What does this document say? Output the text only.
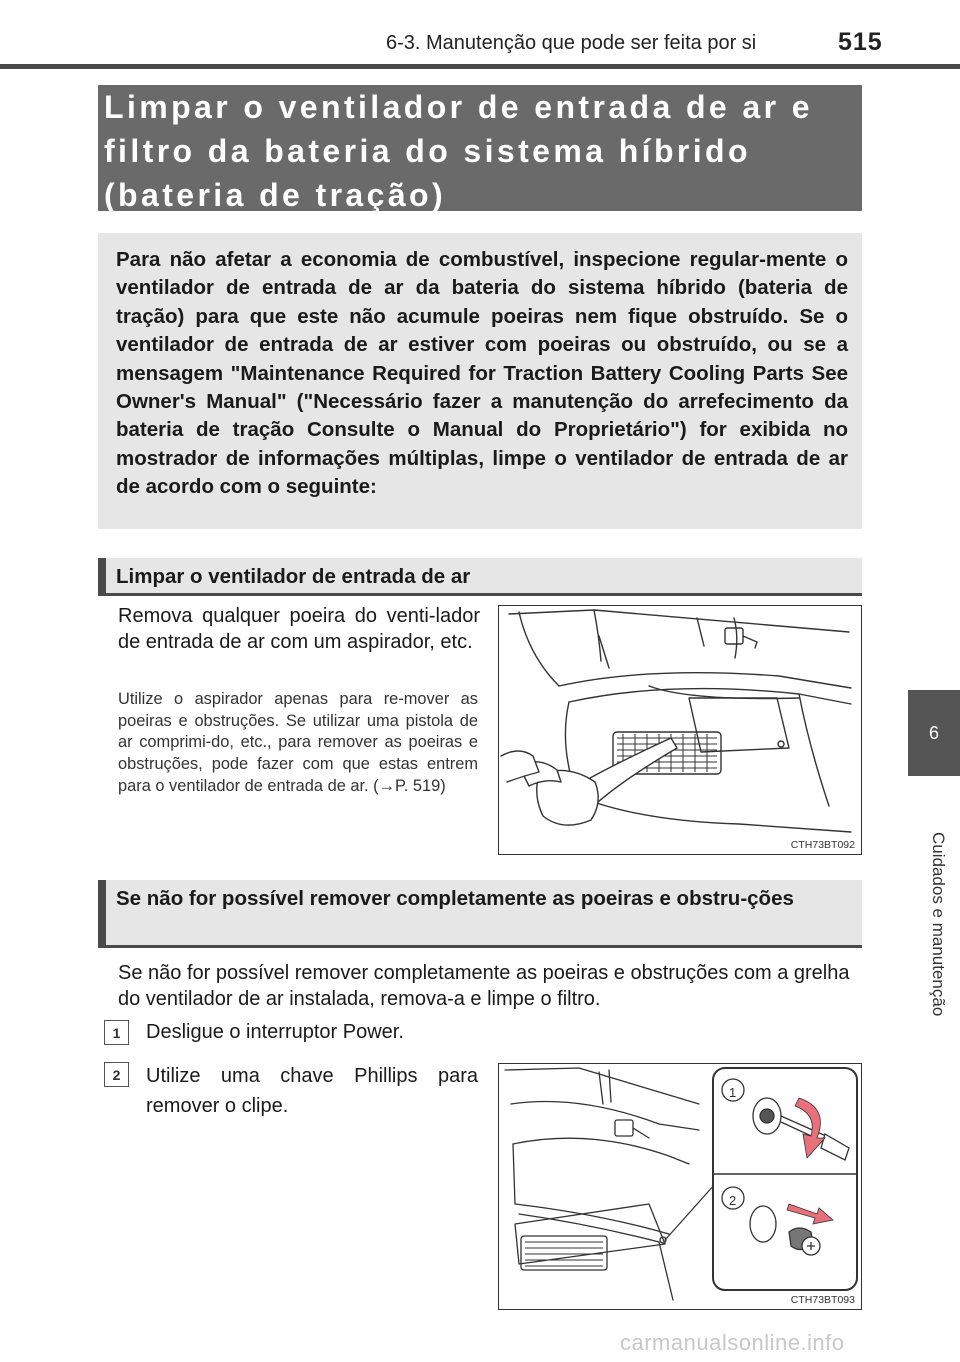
6-3. Manutenção que pode ser feita por si	515
6
Cuidados e manutenção
Limpar o ventilador de entrada de ar e filtro da bateria do sistema híbrido (bateria de tração)
Para não afetar a economia de combustível, inspecione regular-mente o ventilador de entrada de ar da bateria do sistema híbrido (bateria de tração) para que este não acumule poeiras nem fique obstruído. Se o ventilador de entrada de ar estiver com poeiras ou obstruído, ou se a mensagem "Maintenance Required for Traction Battery Cooling Parts See Owner's Manual" ("Necessário fazer a manutenção do arrefecimento da bateria de tração Consulte o Manual do Proprietário") for exibida no mostrador de informações múltiplas, limpe o ventilador de entrada de ar de acordo com o seguinte:
Limpar o ventilador de entrada de ar
Remova qualquer poeira do venti-lador de entrada de ar com um aspirador, etc.
Utilize o aspirador apenas para re-mover as poeiras e obstruções. Se utilizar uma pistola de ar comprimi-do, etc., para remover as poeiras e obstruções, pode fazer com que estas entrem para o ventilador de entrada de ar. (→P. 519)
CTH73BT092
Se não for possível remover completamente as poeiras e obstru-ções
Se não for possível remover completamente as poeiras e obstruções com a grelha do ventilador de ar instalada, remova-a e limpe o filtro.
1	Desligue o interruptor Power.
2	Utilize uma chave Phillips para remover o clipe.
1
2
CTH73BT093
carmanualsonline.info
